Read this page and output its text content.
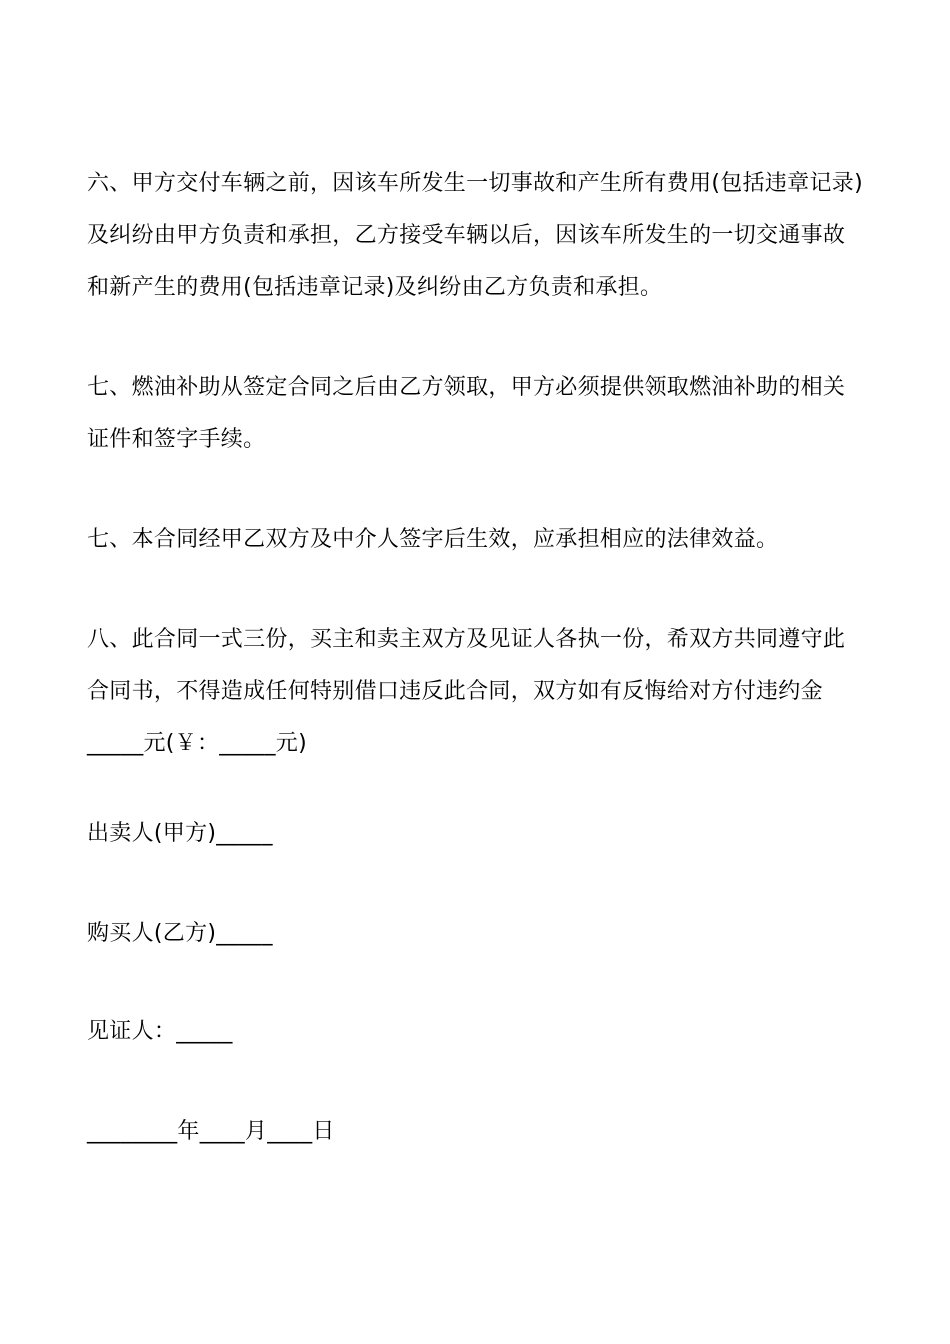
六、甲方交付车辆之前，因该车所发生一切事故和产生所有费用(包括违章记录)及纠纷由甲方负责和承担，乙方接受车辆以后，因该车所发生的一切交通事故和新产生的费用(包括违章记录)及纠纷由乙方负责和承担。

七、燃油补助从签定合同之后由乙方领取，甲方必须提供领取燃油补助的相关证件和签字手续。

七、本合同经甲乙双方及中介人签字后生效，应承担相应的法律效益。

八、此合同一式三份，买主和卖主双方及见证人各执一份，希双方共同遵守此合同书，不得造成任何特别借口违反此合同，双方如有反悔给对方付违约金_____元(￥：_____元)

出卖人(甲方)_____

购买人(乙方)_____

见证人：_____

________年____月____日
